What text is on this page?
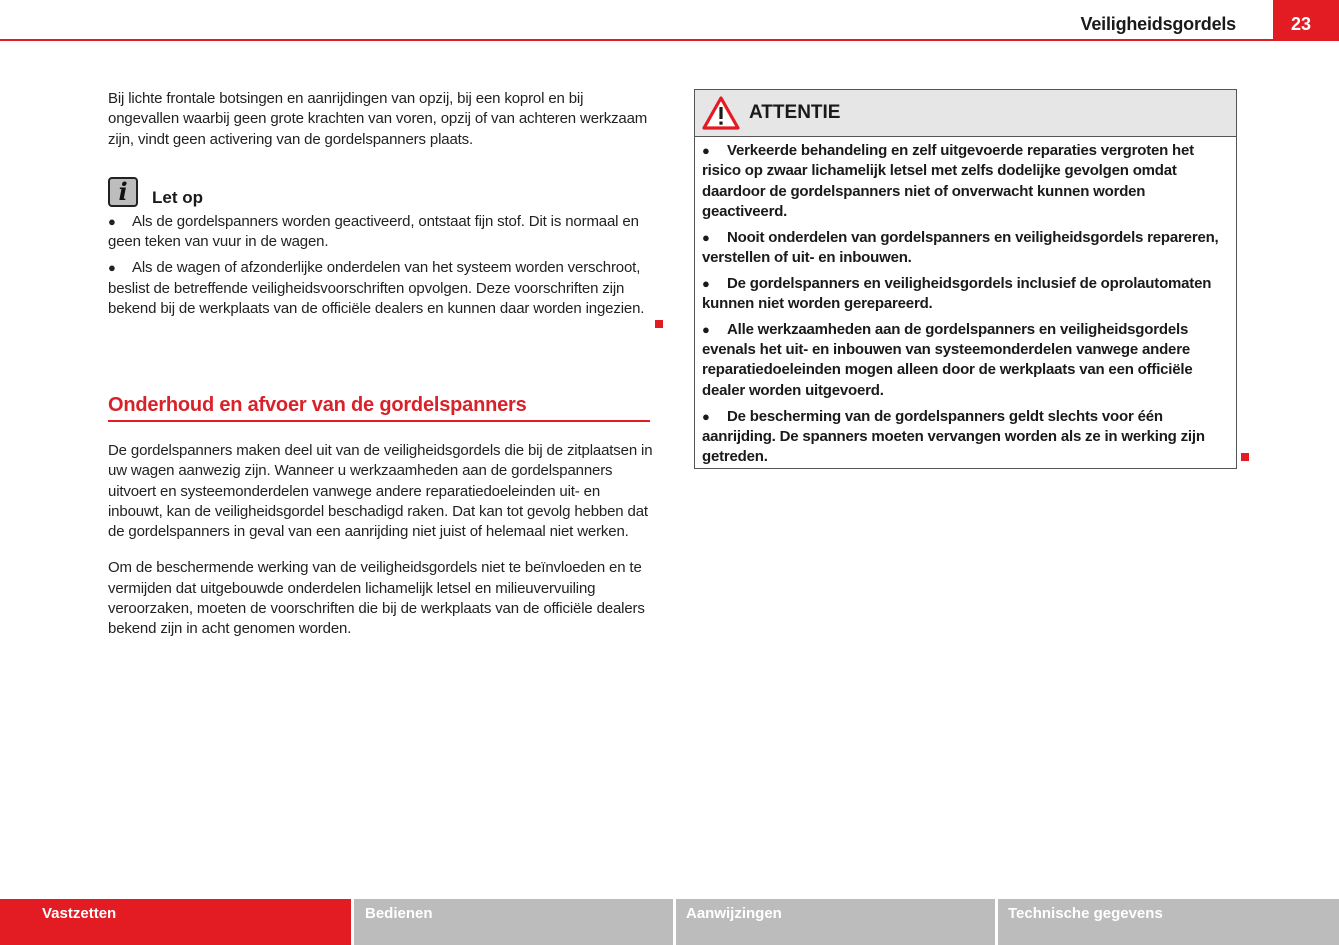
Veiligheidsgordels	23

Bij lichte frontale botsingen en aanrijdingen van opzij, bij een koprol en bij ongevallen waarbij geen grote krachten van voren, opzij of van achteren werkzaam zijn, vindt geen activering van de gordelspanners plaats.

i	Let op
● Als de gordelspanners worden geactiveerd, ontstaat fijn stof. Dit is normaal en geen teken van vuur in de wagen.
● Als de wagen of afzonderlijke onderdelen van het systeem worden verschroot, beslist de betreffende veiligheidsvoorschriften opvolgen. Deze voorschriften zijn bekend bij de werkplaats van de officiële dealers en kunnen daar worden ingezien.
Onderhoud en afvoer van de gordelspanners

De gordelspanners maken deel uit van de veiligheidsgordels die bij de zitplaatsen in uw wagen aanwezig zijn. Wanneer u werkzaamheden aan de gordelspanners uitvoert en systeemonderdelen vanwege andere reparatiedoeleinden uit- en inbouwt, kan de veiligheidsgordel beschadigd raken. Dat kan tot gevolg hebben dat de gordelspanners in geval van een aanrijding niet juist of helemaal niet werken.

Om de beschermende werking van de veiligheidsgordels niet te beïnvloeden en te vermijden dat uitgebouwde onderdelen lichamelijk letsel en milieuvervuiling veroorzaken, moeten de voorschriften die bij de werkplaats van de officiële dealers bekend zijn in acht genomen worden.

ATTENTIE
● Verkeerde behandeling en zelf uitgevoerde reparaties vergroten het risico op zwaar lichamelijk letsel met zelfs dodelijke gevolgen omdat daardoor de gordelspanners niet of onverwacht kunnen worden geactiveerd.
● Nooit onderdelen van gordelspanners en veiligheidsgordels repareren, verstellen of uit- en inbouwen.
● De gordelspanners en veiligheidsgordels inclusief de oprolautomaten kunnen niet worden gerepareerd.
● Alle werkzaamheden aan de gordelspanners en veiligheidsgordels evenals het uit- en inbouwen van systeemonderdelen vanwege andere reparatiedoeleinden mogen alleen door de werkplaats van een officiële dealer worden uitgevoerd.
● De bescherming van de gordelspanners geldt slechts voor één aanrijding. De spanners moeten vervangen worden als ze in werking zijn getreden.
Vastzetten	Bedienen	Aanwijzingen	Technische gegevens
